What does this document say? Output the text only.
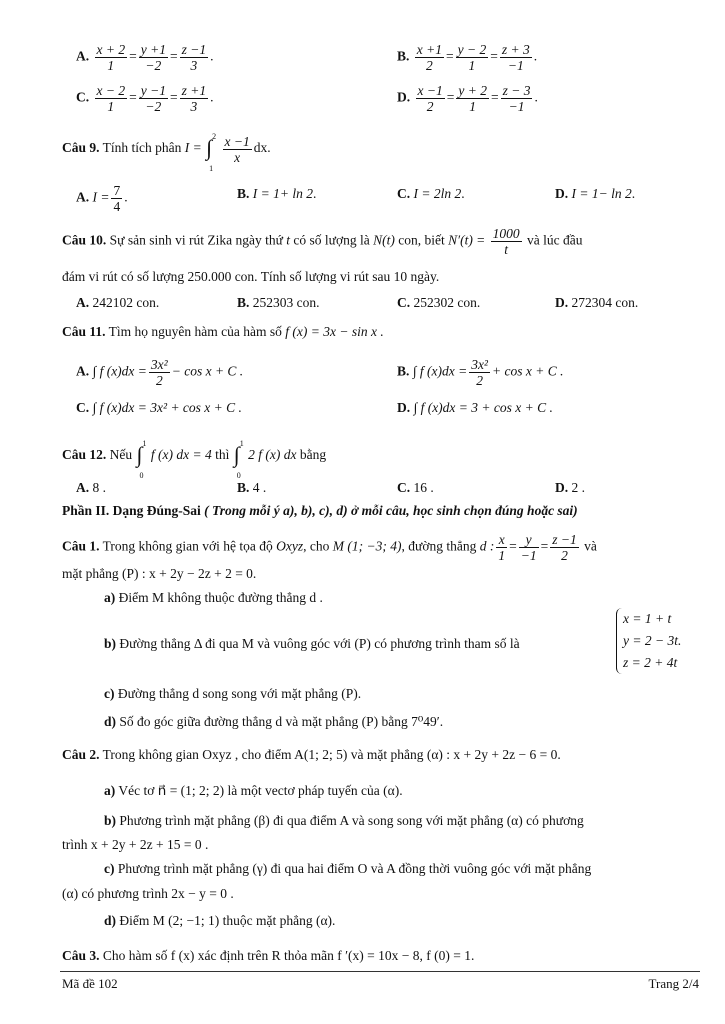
A. $\frac{x + 2}{1} = \frac{y +1}{-2} = \frac{z -1}{3}$ .	B. $\frac{x +1}{2} = \frac{y - 2}{1} = \frac{z + 3}{-1}$ .
C. $\frac{x - 2}{1} = \frac{y -1}{-2} = \frac{z +1}{3}$ .	D. $\frac{x -1}{2} = \frac{y + 2}{1} = \frac{z - 3}{-1}$ .
Câu 9. Tính tích phân I = ∫ 2
1

$\frac{x -1}{x}$ dx.
A. $I = \frac{7}{4}$ .	B. I = 1+ ln 2.	C. I = 2ln 2.	D. I = 1− ln 2.
Câu 10. Sự sản sinh vi rút Zika ngày thứ t có số lượng là N(t) con, biết $N'(t) = \frac{1000}{t}$ và lúc đầu
đám vi rút có số lượng 250.000 con. Tính số lượng vi rút sau 10 ngày.
A. 242102 con.	B. 252303 con.	C. 252302 con.	D. 272304 con.
Câu 11. Tìm họ nguyên hàm của hàm số f (x) = 3x − sin x .
A. ∫ f $(x)dx = \frac{\text{3x²}}{2} - \cos x + C$ .	B. ∫ f $(x)dx = \frac{\text{3x²}}{2} + \cos x + C$ .
C. ∫ f (x)dx = 3x² + cos x + C .	D. ∫ f (x)dx = 3 + cos x + C .
Câu 12. Nếu ∫ 1
0
f (x) dx = 4 thì ∫ 1
0
2 f (x) dx bằng
A. 8 .	B. 4 .	C. 16 .	D. 2 .
Phần II. Dạng Đúng-Sai ( Trong mỗi ý a), b), c), d) ở mỗi câu, học sinh chọn đúng hoặc sai)
Câu 1. Trong không gian với hệ tọa độ Oxyz, cho M (1; −3; 4), đường thẳng d : $\frac{x}{1} = \frac{y}{-1} = \frac{z -1}{2}$ và
mặt phẳng (P) : x + 2y − 2z + 2 = 0.
a) Điểm M không thuộc đường thẳng d .
b) Đường thẳng Δ đi qua M và vuông góc với (P) có phương trình tham số là
x = 1 + t
y = 2 − 3t.
z = 2 + 4t
c) Đường thẳng d song song với mặt phẳng (P).
d) Số đo góc giữa đường thẳng d và mặt phẳng (P) bằng 7⁰49′.
Câu 2. Trong không gian Oxyz , cho điểm A(1; 2; 5) và mặt phẳng (α) : x + 2y + 2z − 6 = 0.
a) Véc tơ n⃗ = (1; 2; 2) là một vectơ pháp tuyến của (α).
b) Phương trình mặt phẳng (β) đi qua điểm A và song song với mặt phẳng (α) có phương
trình x + 2y + 2z + 15 = 0 .
c) Phương trình mặt phẳng (γ) đi qua hai điểm O và A đồng thời vuông góc với mặt phẳng
(α) có phương trình 2x − y = 0 .
d) Điểm M (2; −1; 1) thuộc mặt phẳng (α).
Câu 3. Cho hàm số f (x) xác định trên R thỏa mãn f ′(x) = 10x − 8, f (0) = 1.
Mã đề 102	Trang 2/4
